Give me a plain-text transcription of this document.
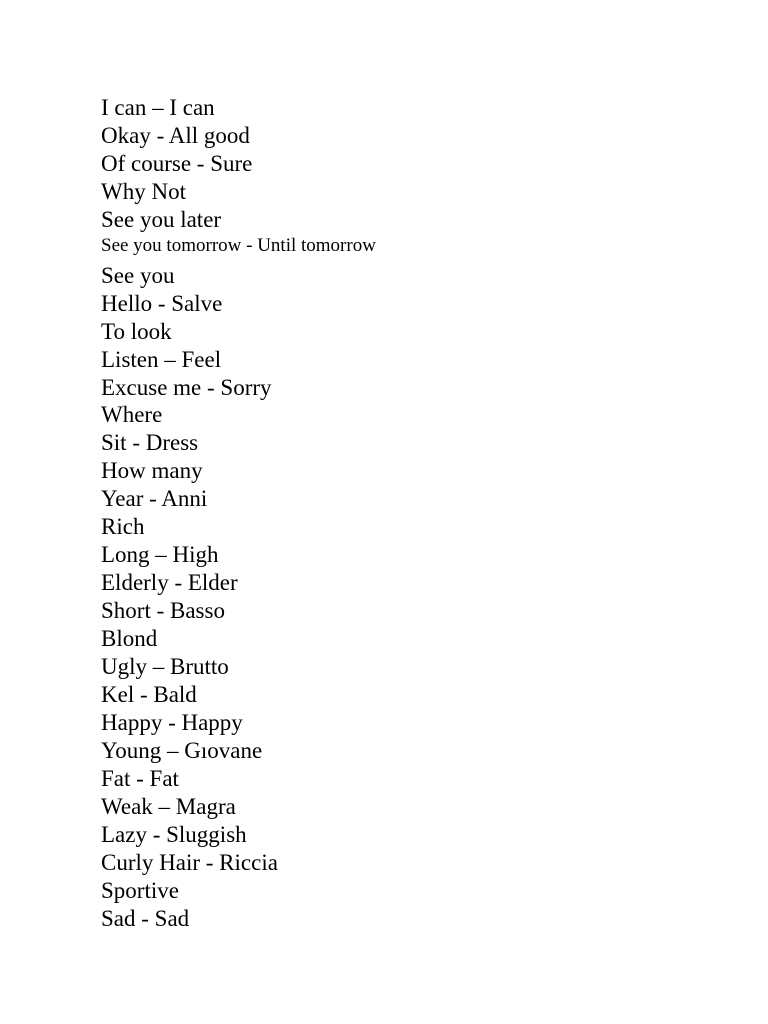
I can – I can
Okay - All good
Of course - Sure
Why Not
See you later
See you tomorrow - Until tomorrow
See you
Hello - Salve
To look
Listen – Feel
Excuse me - Sorry
Where
Sit - Dress
How many
Year - Anni
Rich
Long – High
Elderly - Elder
Short - Basso
Blond
Ugly – Brutto
Kel - Bald
Happy - Happy
Young – Gıovane
Fat - Fat
Weak – Magra
Lazy - Sluggish
Curly Hair - Riccia
Sportive
Sad - Sad
